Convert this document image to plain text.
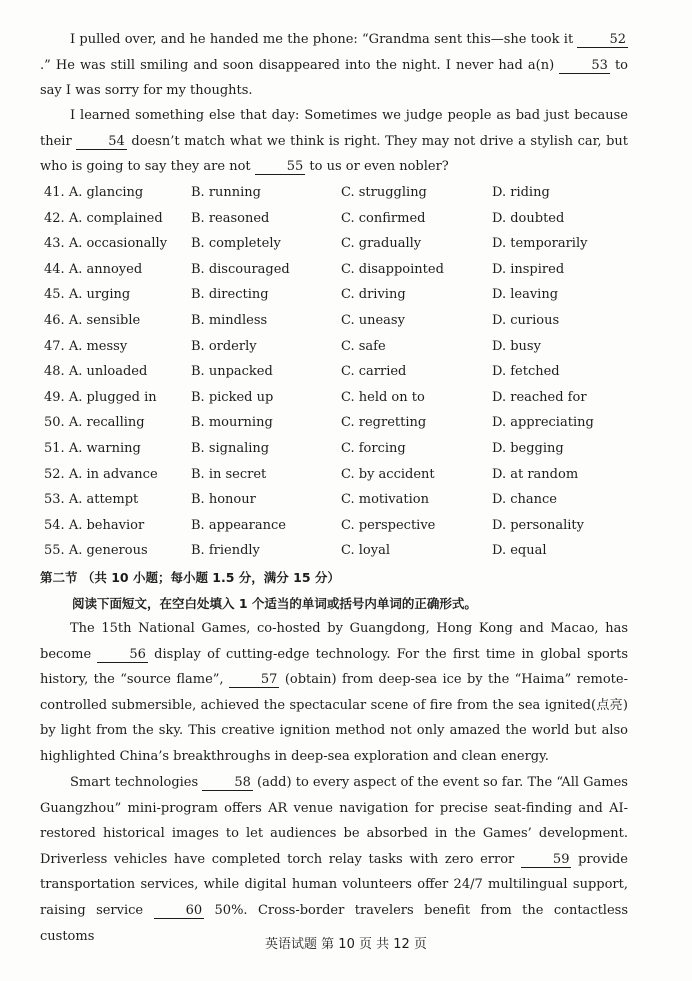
I pulled over, and he handed me the phone: “Grandma sent this—she took it 52.” He was still smiling and soon disappeared into the night. I never had a(n) 53 to say I was sorry for my thoughts.

I learned something else that day: Sometimes we judge people as bad just because their 54 doesn’t match what we think is right. They may not drive a stylish car, but who is going to say they are not 55 to us or even nobler?

41. A. glancing	B. running	C. struggling	D. riding
42. A. complained B. reasoned	C. confirmed	D. doubted
43. A. occasionally B. completely	C. gradually	D. temporarily
44. A. annoyed	B. discouraged	C. disappointed	D. inspired
45. A. urging	B. directing	C. driving	D. leaving
46. A. sensible	B. mindless	C. uneasy	D. curious
47. A. messy	B. orderly	C. safe	D. busy
48. A. unloaded	B. unpacked	C. carried	D. fetched
49. A. plugged in	B. picked up	C. held on to	D. reached for
50. A. recalling	B. mourning	C. regretting	D. appreciating
51. A. warning	B. signaling	C. forcing	D. begging
52. A. in advance	B. in secret	C. by accident	D. at random
53. A. attempt	B. honour	C. motivation	D. chance
54. A. behavior	B. appearance	C. perspective	D. personality
55. A. generous	B. friendly	C. loyal	D. equal
第二节 （共 10 小题；每小题 1.5 分，满分 15 分）
阅读下面短文，在空白处填入 1 个适当的单词或括号内单词的正确形式。

The 15th National Games, co-hosted by Guangdong, Hong Kong and Macao, has become 56 display of cutting-edge technology. For the first time in global sports history, the “source flame”, 57 (obtain) from deep-sea ice by the “Haima” remote-controlled submersible, achieved the spectacular scene of fire from the sea ignited(点亮) by light from the sky. This creative ignition method not only amazed the world but also highlighted China’s breakthroughs in deep-sea exploration and clean energy.

Smart technologies 58 (add) to every aspect of the event so far. The “All Games Guangzhou” mini-program offers AR venue navigation for precise seat-finding and AI-restored historical images to let audiences be absorbed in the Games’ development. Driverless vehicles have completed torch relay tasks with zero error 59 provide transportation services, while digital human volunteers offer 24/7 multilingual support, raising service 60 50%. Cross-border travelers benefit from the contactless customs

英语试题 第 10 页 共 12 页
